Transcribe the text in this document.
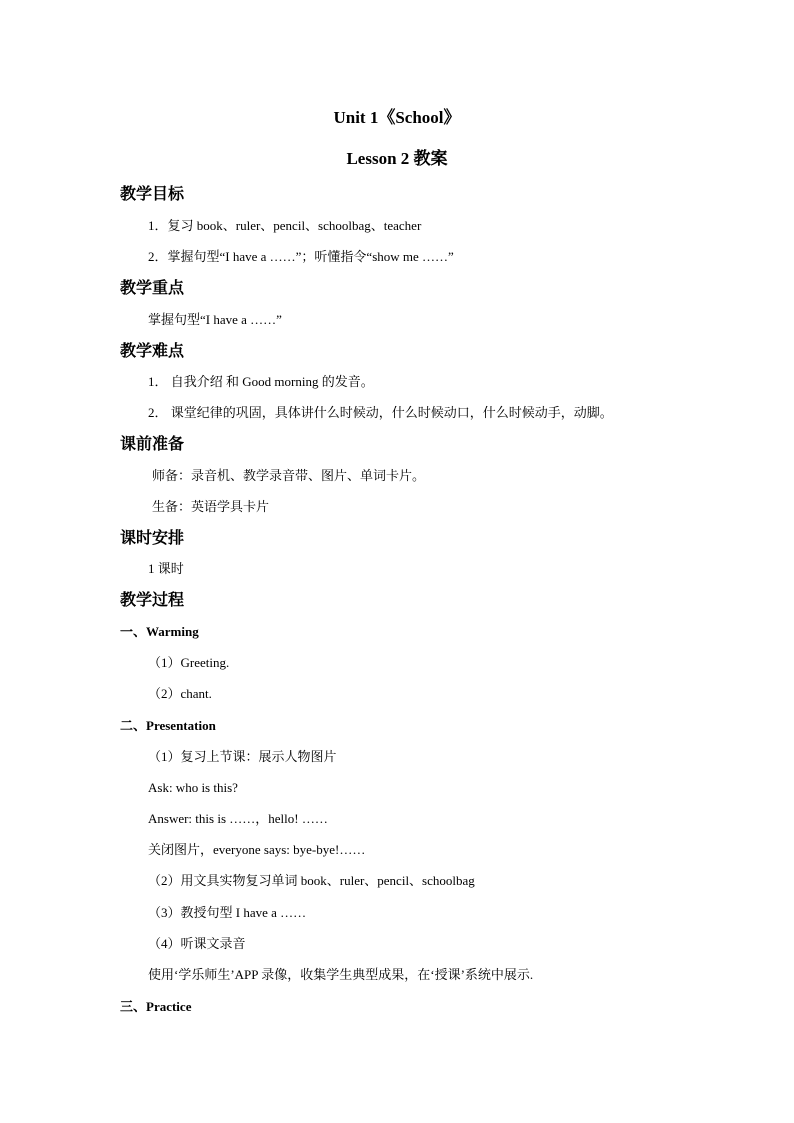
Unit 1《School》
Lesson 2 教案
教学目标
1．复习 book、ruler、pencil、schoolbag、teacher
2．掌握句型“I have a ……”；听懂指令“show me ……”
教学重点
掌握句型“I have a ……”
教学难点
1． 自我介绍 和 Good morning 的发音。
2． 课堂纪律的巩固，具体讲什么时候动，什么时候动口，什么时候动手，动脚。
课前准备
师备：录音机、教学录音带、图片、单词卡片。
生备：英语学具卡片
课时安排
1 课时
教学过程
一、Warming
（1）Greeting.
（2）chant.
二、Presentation
（1）复习上节课：展示人物图片
Ask: who is this?
Answer: this is ……，hello! ……
关闭图片，everyone says: bye-bye!……
（2）用文具实物复习单词 book、ruler、pencil、schoolbag
（3）教授句型 I have a ……
（4）听课文录音
使用‘学乐师生’APP 录像，收集学生典型成果，在‘授课’系统中展示.
三、Practice
